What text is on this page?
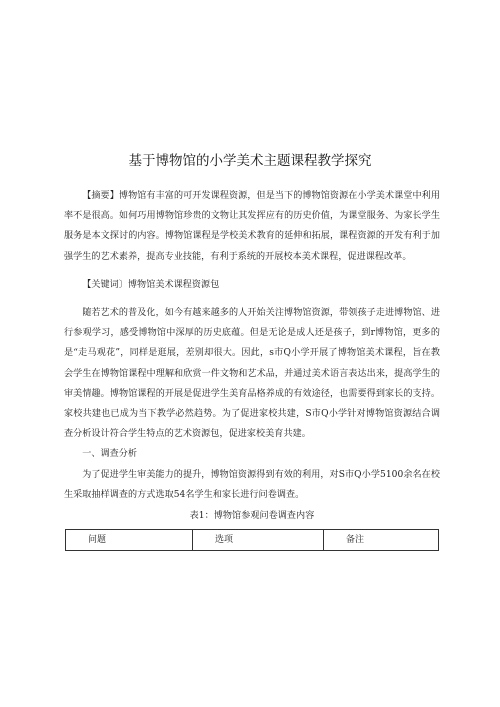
基于博物馆的小学美术主题课程教学探究

【摘要】博物馆有丰富的可开发课程资源，但是当下的博物馆资源在小学美术课堂中利用率不是很高。如何巧用博物馆珍贵的文物让其发挥应有的历史价值，为课堂服务、为家长学生服务是本文探讨的内容。博物馆课程是学校美术教育的延伸和拓展，课程资源的开发有利于加强学生的艺术素养，提高专业技能，有利于系统的开展校本美术课程，促进课程改革。

【关键词〕博物馆美术课程资源包

随若艺术的普及化，如今有越来越多的人开始关注博物馆资源，带领孩子走进博物馆、进行参观学习，感受博物馆中深厚的历史底蕴。但是无论是成人还是孩子，到r博物馆，更多的是“走马观花”，同样是逛展，差别却很大。因此，s市Q小学开展了博物馆美术课程，旨在教会学生在博物馆课程中理解和欣赏一件文物和艺术品，并通过美术语言表达出来，提高学生的审美情趣。博物馆课程的开展是促进学生美育品格养成的有效途径，也需要得到家长的支持。家校共建也已成为当下教学必然趋势。为了促进家校共建，S市Q小学针对博物馆资源结合调查分析设计符合学生特点的艺术资源包，促进家校美育共建。

一、调查分析

为了促进学生审美能力的提升，博物馆资源得到有效的利用，对S市Q小学5100余名在校生采取抽样调查的方式选取54名学生和家长进行问卷调查。

表1：博物馆参观问卷调查内容
问题	选项	备注
